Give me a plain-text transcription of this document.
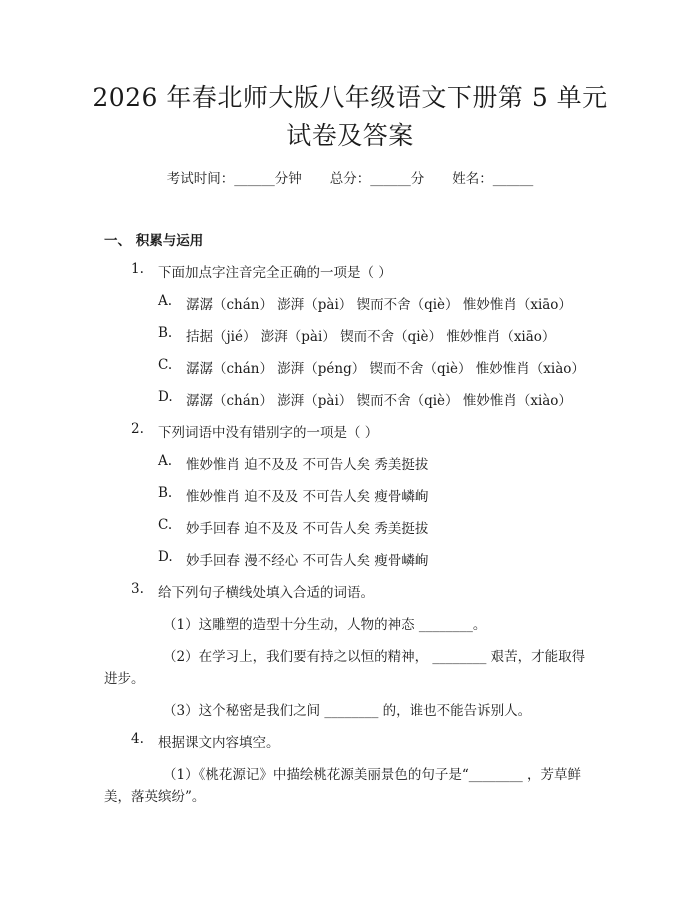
2026 年春北师大版八年级语文下册第 5 单元
试卷及答案
考试时间：______分钟 总分：______分 姓名：______
一、 积累与运用
1. 下面加点字注音完全正确的一项是（ ）
A. 潺潺（chán） 澎湃（pài） 锲而不舍（qiè） 惟妙惟肖（xiāo）
B. 拮据（jié） 澎湃（pài） 锲而不舍（qiè） 惟妙惟肖（xiāo）
C. 潺潺（chán） 澎湃（péng） 锲而不舍（qiè） 惟妙惟肖（xiào）
D. 潺潺（chán） 澎湃（pài） 锲而不舍（qiè） 惟妙惟肖（xiào）
2. 下列词语中没有错别字的一项是（ ）
A. 惟妙惟肖 迫不及及 不可告人矣 秀美挺拔
B. 惟妙惟肖 迫不及及 不可告人矣 瘦骨嶙峋
C. 妙手回春 迫不及及 不可告人矣 秀美挺拔
D. 妙手回春 漫不经心 不可告人矣 瘦骨嶙峋
3. 给下列句子横线处填入合适的词语。
（1）这雕塑的造型十分生动，人物的神态 ________。
（2）在学习上，我们要有持之以恒的精神， ________ 艰苦，才能取得
进步。
（3）这个秘密是我们之间 ________ 的，谁也不能告诉别人。
4. 根据课文内容填空。
（1）《桃花源记》中描绘桃花源美丽景色的句子是“________ ，芳草鲜
美，落英缤纷”。
